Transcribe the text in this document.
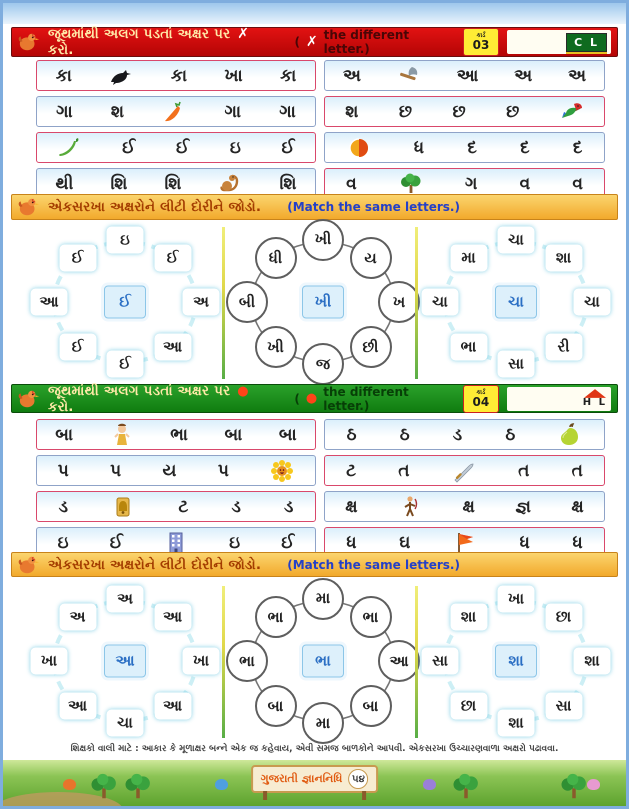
જૂથમાંથી અલગ પડતાં અક્ષર પર ✗ કરો.	( ✗ the different letter.)
કાર્ડ
03	C L
કા	કા ખા કા
ગા શ	ગા ગા
ઈ ઈ ઇ ઈ
થી શિ શિ	શિ
અ	આ અ અ
શ છ છ છ
ધ	દ	દ	દ
વ	ગ વ વ
એકસરખા અક્ષરોને લીટી દોરીને જોડો. (Match the same letters.)
ઇ
ઈ
અ
આ
ઈ
ઈ
આ
ઈ
ઈ
ખી
ય
ખ
છી
જ
ખી
બી
ધી
ખી
ચા
શા
ચા
રી
સા
ભા
ચા
મા
ચા
જૂથમાંથી અલગ પડતાં અક્ષર પર ● કરો.	( ● the different letter.)
કાર્ડ
04	H L
બા	ભા બા બા
પ પ ય પ
ડ	ટ	ડ	ડ
ઇ ઈ	ઇ ઈ
ઠ	ઠ	ડ	ઠ
ટ ત	ત ત
ક્ષ	ક્ષ જ્ઞ ક્ષ
ધ	ઘ	ધ	ધ
એકસરખા અક્ષરોને લીટી દોરીને જોડો. (Match the same letters.)
અ
આ
ખા
આ
ચા
આ
ખા
અ
આ
મા
ભા
આ
બા
મા
બા
ભા
ભા
ભા
ખા
છા
શા
સા
શા
છા
સા
શા
શા
શિક્ષકો વાલી માટે : આકાર કે મૂળાક્ષર બન્ને એક જ કહેવાય, એવી સમજ બાળકોને આપવી. એકસરખા ઉચ્ચારણવાળા અક્ષરો પઢાવવા.
ગુજરાતી જ્ઞાનનિધિ ૫૪
